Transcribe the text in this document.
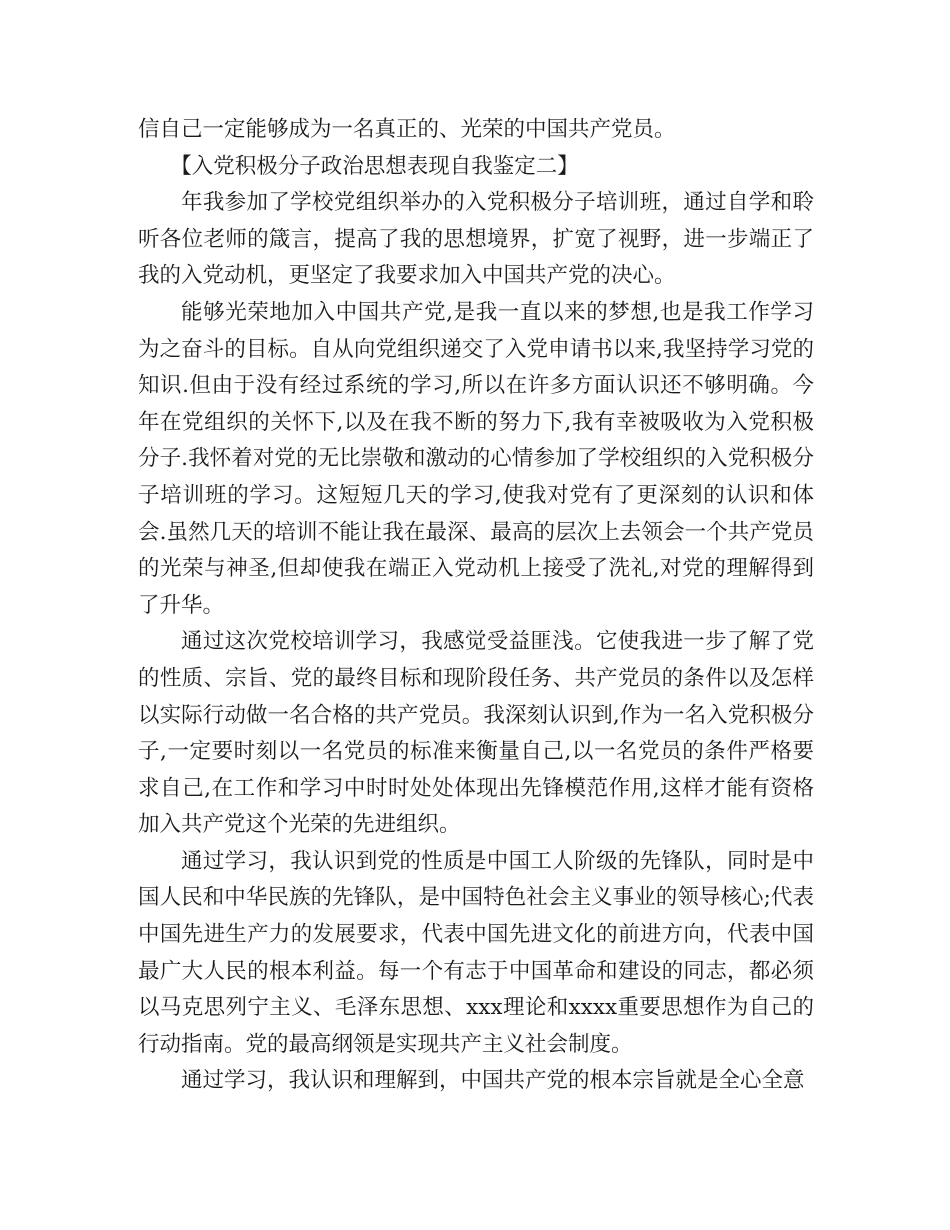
信自己一定能够成为一名真正的、光荣的中国共产党员。

【入党积极分子政治思想表现自我鉴定二】

年我参加了学校党组织举办的入党积极分子培训班，通过自学和聆听各位老师的箴言，提高了我的思想境界，扩宽了视野，进一步端正了我的入党动机，更坚定了我要求加入中国共产党的决心。

能够光荣地加入中国共产党,是我一直以来的梦想,也是我工作学习为之奋斗的目标。自从向党组织递交了入党申请书以来,我坚持学习党的知识.但由于没有经过系统的学习,所以在许多方面认识还不够明确。今年在党组织的关怀下,以及在我不断的努力下,我有幸被吸收为入党积极分子.我怀着对党的无比崇敬和激动的心情参加了学校组织的入党积极分子培训班的学习。这短短几天的学习,使我对党有了更深刻的认识和体会.虽然几天的培训不能让我在最深、最高的层次上去领会一个共产党员的光荣与神圣,但却使我在端正入党动机上接受了洗礼,对党的理解得到了升华。

通过这次党校培训学习，我感觉受益匪浅。它使我进一步了解了党的性质、宗旨、党的最终目标和现阶段任务、共产党员的条件以及怎样以实际行动做一名合格的共产党员。我深刻认识到,作为一名入党积极分子,一定要时刻以一名党员的标准来衡量自己,以一名党员的条件严格要求自己,在工作和学习中时时处处体现出先锋模范作用,这样才能有资格加入共产党这个光荣的先进组织。

通过学习，我认识到党的性质是中国工人阶级的先锋队，同时是中国人民和中华民族的先锋队，是中国特色社会主义事业的领导核心;代表中国先进生产力的发展要求，代表中国先进文化的前进方向，代表中国最广大人民的根本利益。每一个有志于中国革命和建设的同志，都必须以马克思列宁主义、毛泽东思想、xxx理论和xxxx重要思想作为自己的行动指南。党的最高纲领是实现共产主义社会制度。

通过学习，我认识和理解到，中国共产党的根本宗旨就是全心全意
